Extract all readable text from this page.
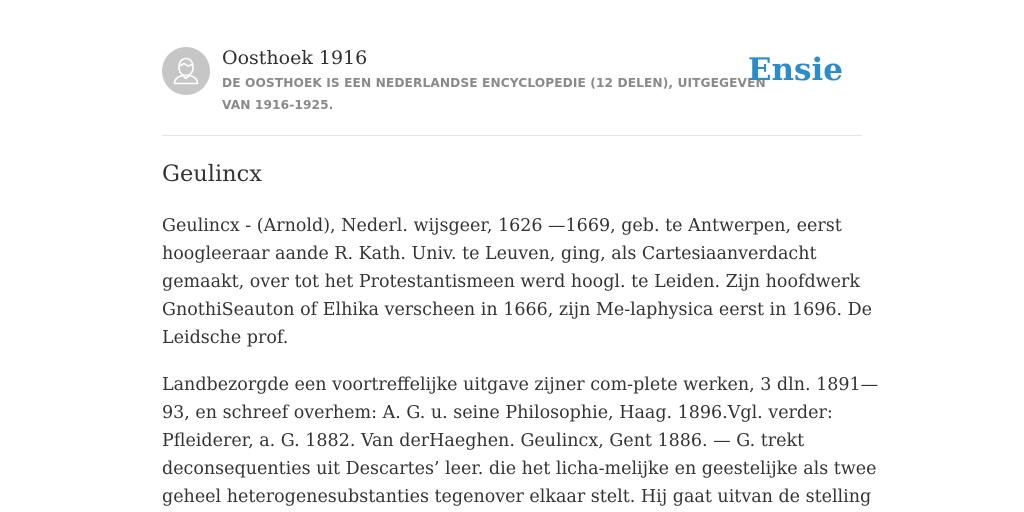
Oosthoek 1916
DE OOSTHOEK IS EEN NEDERLANDSE ENCYCLOPEDIE (12 DELEN), UITGEGEVEN
VAN 1916-1925.
Ensie
Geulincx

Geulincx - (Arnold), Nederl. wijsgeer, 1626 —1669, geb. te Antwerpen, eerst
hoogleeraar aande R. Kath. Univ. te Leuven, ging, als Cartesiaanverdacht
gemaakt, over tot het Protestantismeen werd hoogl. te Leiden. Zijn hoofdwerk
GnothiSeauton of Elhika verscheen in 1666, zijn Me-laphysica eerst in 1696. De
Leidsche prof.

Landbezorgde een voortreffelijke uitgave zijner com-plete werken, 3 dln. 1891—
93, en schreef overhem: A. G. u. seine Philosophie, Haag. 1896.Vgl. verder:
Pfleiderer, a. G. 1882. Van derHaeghen. Geulincx, Gent 1886. — G. trekt
deconsequenties uit Descartes’ leer. die het licha-melijke en geestelijke als twee
geheel heterogenesubstanties tegenover elkaar stelt. Hij gaat uitvan de stelling
